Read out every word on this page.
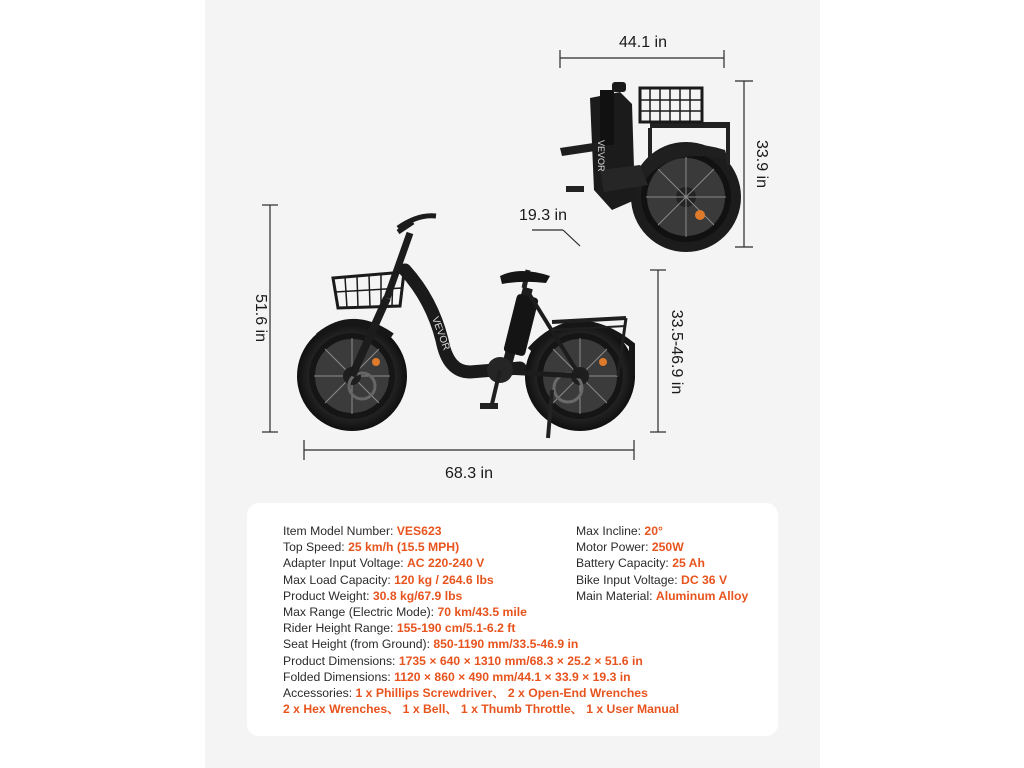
VEVOR
44.1 in
33.9 in
19.3 in
VEVOR
51.6 in	33.5-46.9 in
68.3 in
Item Model Number: VES623
Top Speed: 25 km/h (15.5 MPH)
Adapter Input Voltage: AC 220-240 V
Max Load Capacity: 120 kg / 264.6 lbs
Product Weight: 30.8 kg/67.9 lbs
Max Range (Electric Mode): 70 km/43.5 mile
Rider Height Range: 155-190 cm/5.1-6.2 ft
Seat Height (from Ground): 850-1190 mm/33.5-46.9 in
Product Dimensions: 1735 × 640 × 1310 mm/68.3 × 25.2 × 51.6 in
Folded Dimensions: 1120 × 860 × 490 mm/44.1 × 33.9 × 19.3 in
Accessories: 1 x Phillips Screwdriver、 2 x Open-End Wrenches
2 x Hex Wrenches、 1 x Bell、 1 x Thumb Throttle、 1 x User Manual
Max Incline: 20°
Motor Power: 250W
Battery Capacity: 25 Ah
Bike Input Voltage: DC 36 V
Main Material: Aluminum Alloy
